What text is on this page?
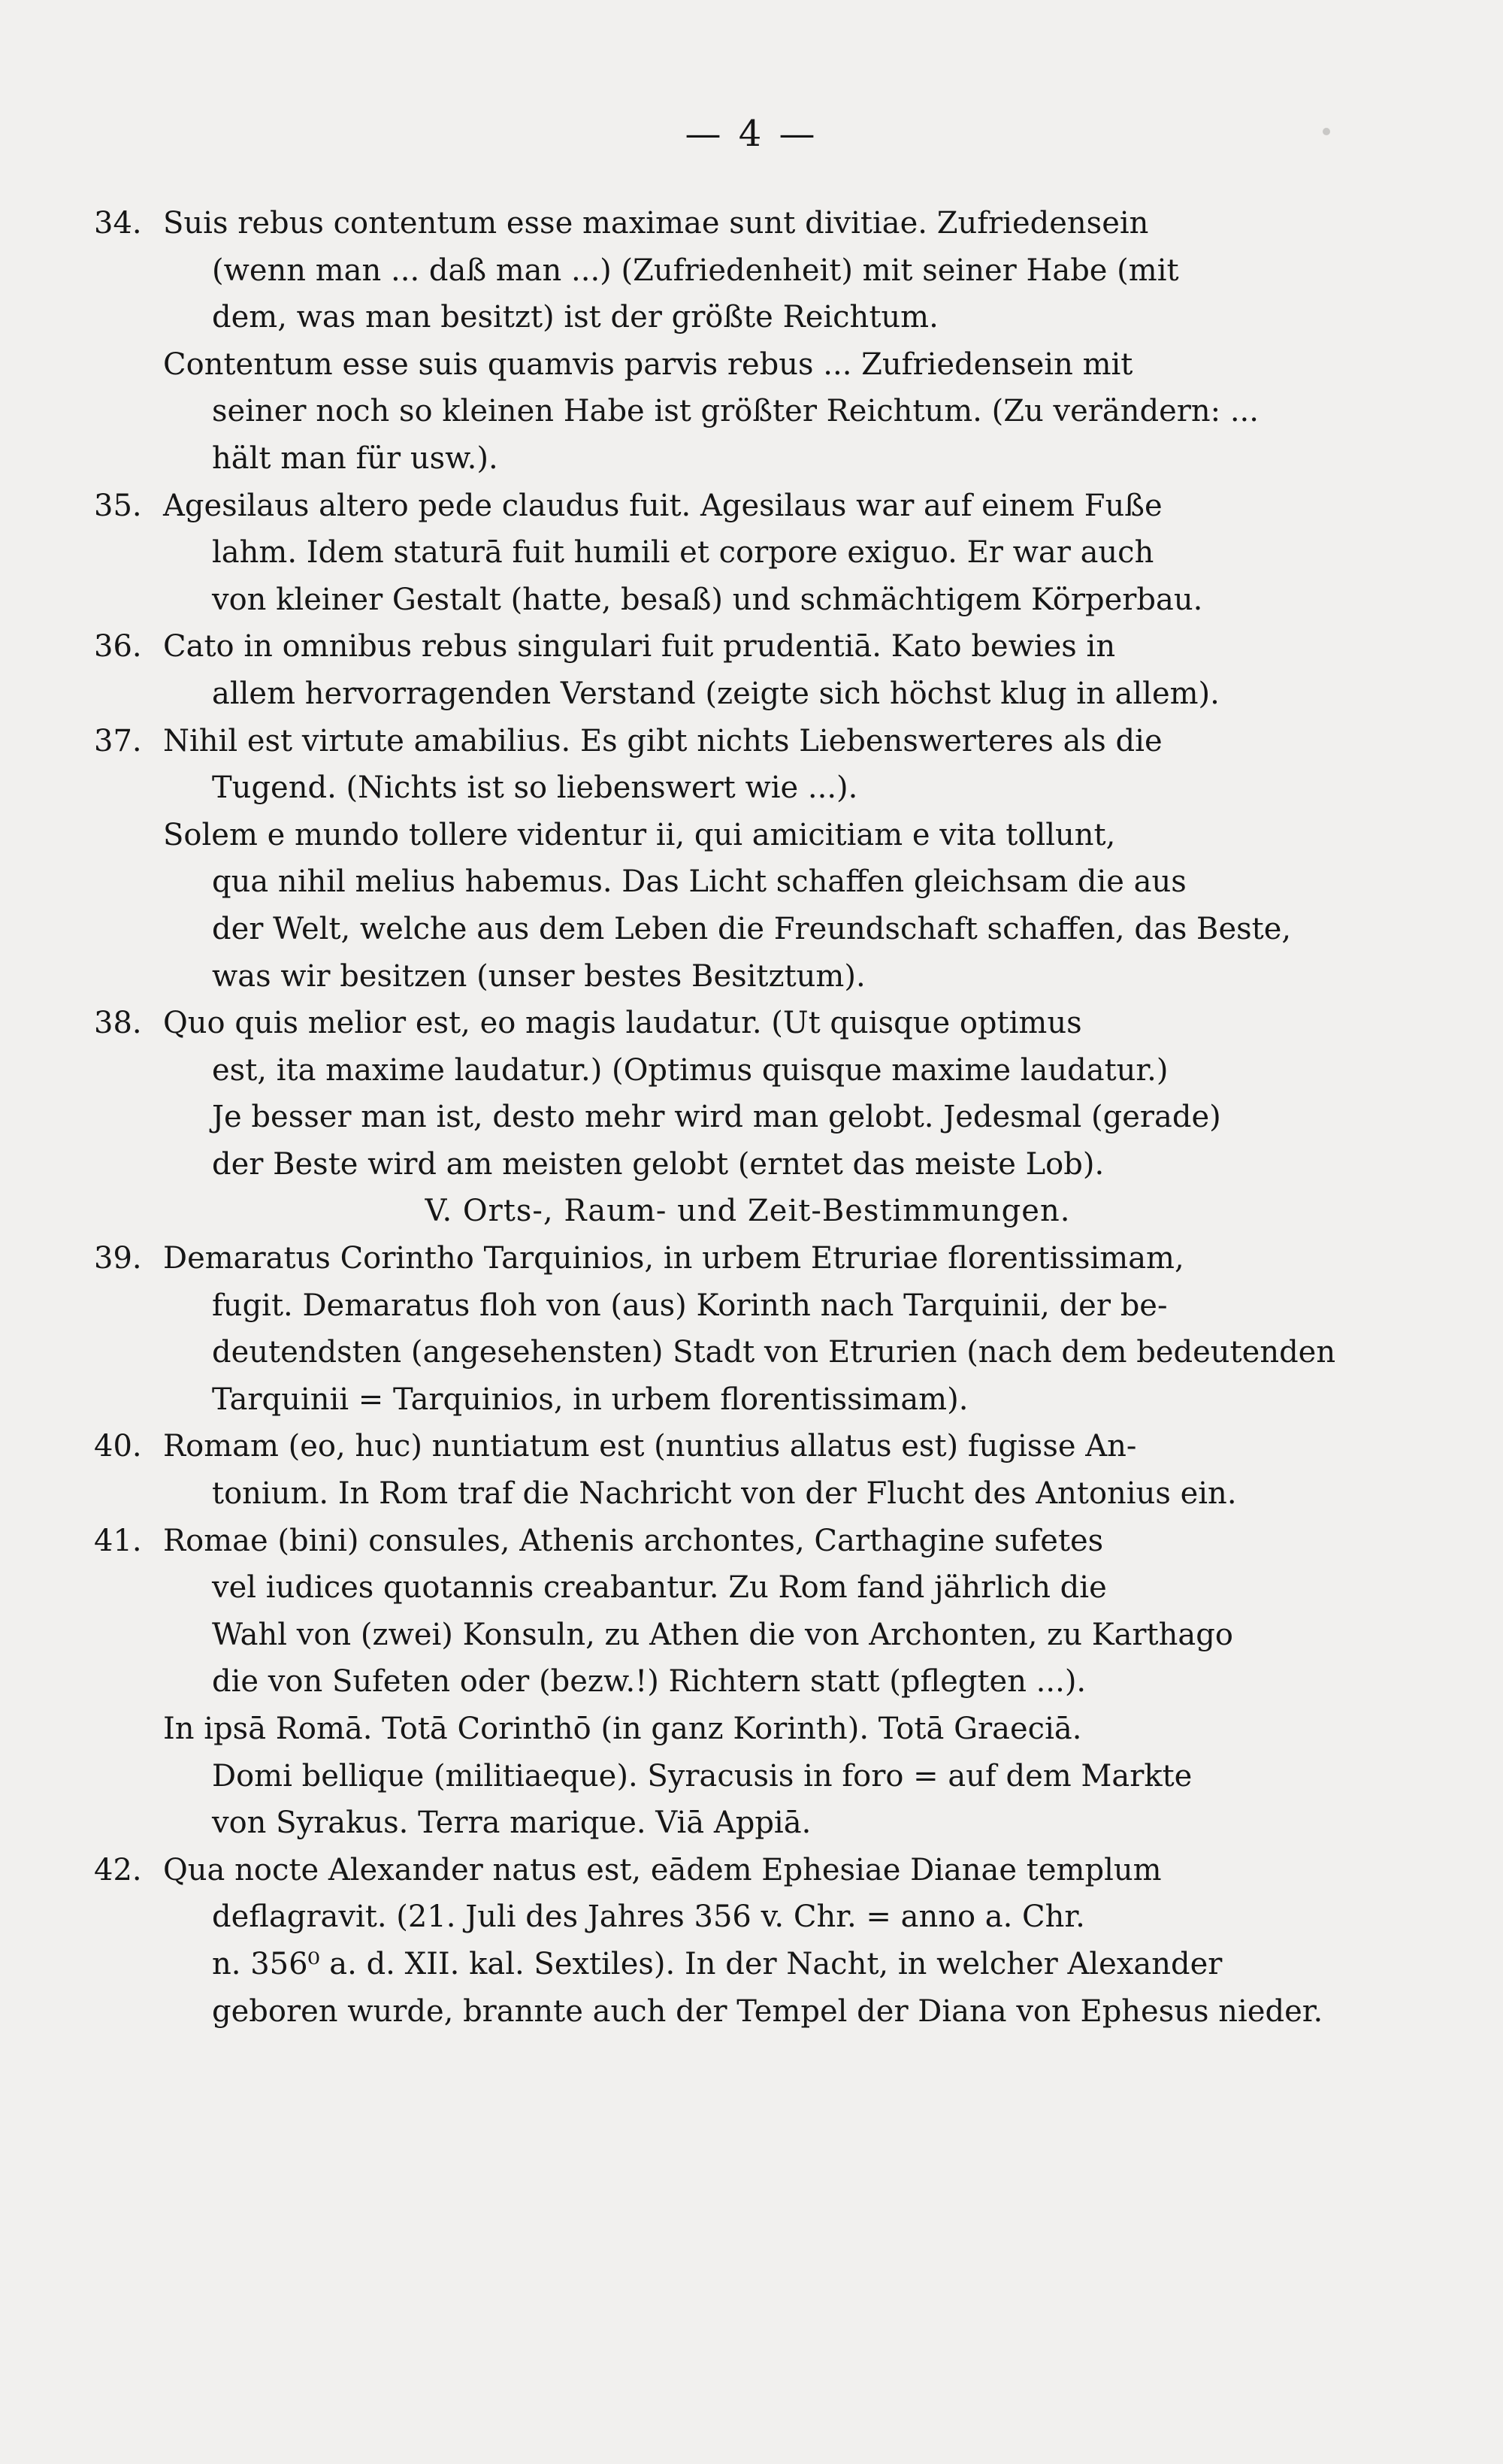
— 4 —
34. Suis rebus contentum esse maximae sunt divitiae. Zufriedensein
(wenn man ... daß man ...) (Zufriedenheit) mit seiner Habe (mit
dem, was man besitzt) ist der größte Reichtum.
Contentum esse suis quamvis parvis rebus ... Zufriedensein mit
seiner noch so kleinen Habe ist größter Reichtum. (Zu verändern: ...
hält man für usw.).
35. Agesilaus altero pede claudus fuit. Agesilaus war auf einem Fuße
lahm. Idem staturā fuit humili et corpore exiguo. Er war auch
von kleiner Gestalt (hatte, besaß) und schmächtigem Körperbau.
36. Cato in omnibus rebus singulari fuit prudentiā. Kato bewies in
allem hervorragenden Verstand (zeigte sich höchst klug in allem).
37. Nihil est virtute amabilius. Es gibt nichts Liebenswerteres als die
Tugend. (Nichts ist so liebenswert wie ...).
Solem e mundo tollere videntur ii, qui amicitiam e vita tollunt,
qua nihil melius habemus. Das Licht schaffen gleichsam die aus
der Welt, welche aus dem Leben die Freundschaft schaffen, das Beste,
was wir besitzen (unser bestes Besitztum).
38. Quo quis melior est, eo magis laudatur. (Ut quisque optimus
est, ita maxime laudatur.) (Optimus quisque maxime laudatur.)
Je besser man ist, desto mehr wird man gelobt. Jedesmal (gerade)
der Beste wird am meisten gelobt (erntet das meiste Lob).
V. Orts-, Raum- und Zeit-Bestimmungen.
39. Demaratus Corintho Tarquinios, in urbem Etruriae florentissimam,
fugit. Demaratus floh von (aus) Korinth nach Tarquinii, der be-
deutendsten (angesehensten) Stadt von Etrurien (nach dem bedeutenden
Tarquinii = Tarquinios, in urbem florentissimam).
40. Romam (eo, huc) nuntiatum est (nuntius allatus est) fugisse An-
tonium. In Rom traf die Nachricht von der Flucht des Antonius ein.
41. Romae (bini) consules, Athenis archontes, Carthagine sufetes
vel iudices quotannis creabantur. Zu Rom fand jährlich die
Wahl von (zwei) Konsuln, zu Athen die von Archonten, zu Karthago
die von Sufeten oder (bezw.!) Richtern statt (pflegten ...).
In ipsā Romā. Totā Corinthō (in ganz Korinth). Totā Graeciā.
Domi bellique (militiaeque). Syracusis in foro = auf dem Markte
von Syrakus. Terra marique. Viā Appiā.
42. Qua nocte Alexander natus est, eādem Ephesiae Dianae templum
deflagravit. (21. Juli des Jahres 356 v. Chr. = anno a. Chr.
n. 356⁰ a. d. XII. kal. Sextiles). In der Nacht, in welcher Alexander
geboren wurde, brannte auch der Tempel der Diana von Ephesus nieder.
